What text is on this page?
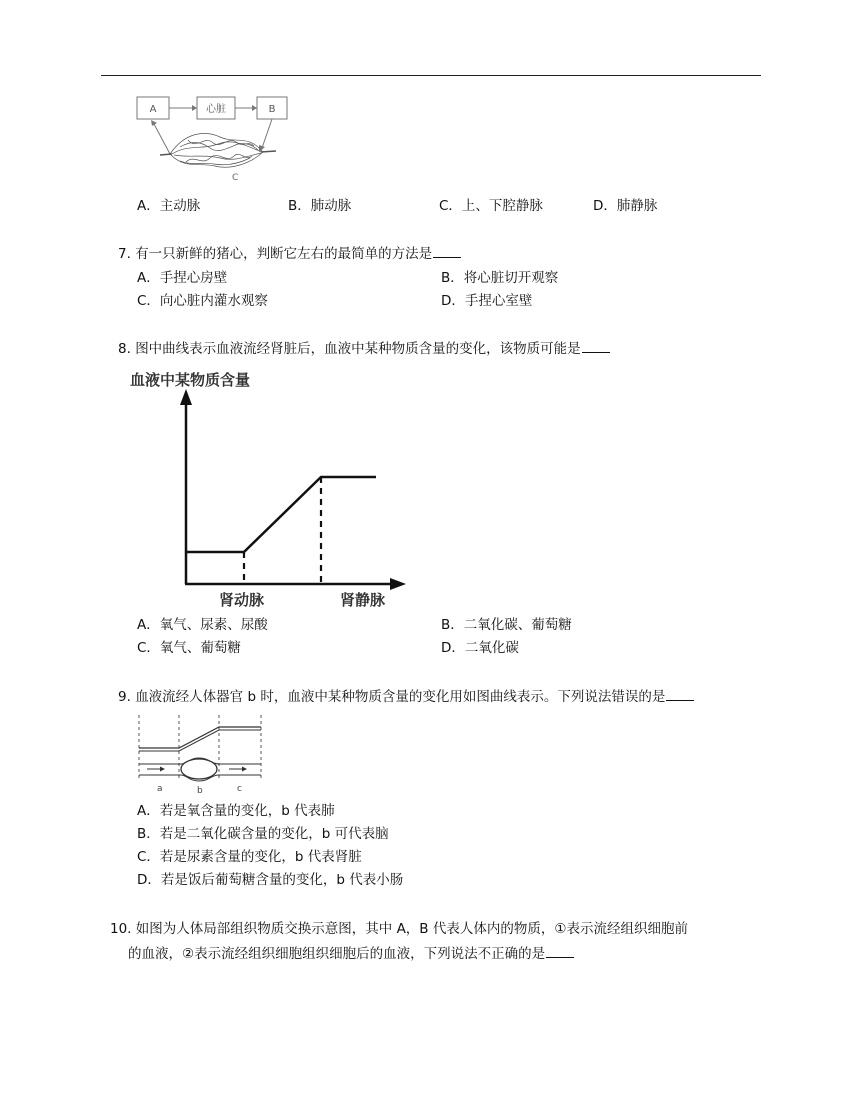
A	心脏	B
C
A．主动脉	B．肺动脉	C．上、下腔静脉	D．肺静脉
7. 有一只新鲜的猪心，判断它左右的最简单的方法是
A．手捏心房壁	B．将心脏切开观察
C．向心脏内灌水观察	D．手捏心室壁
8. 图中曲线表示血液流经肾脏后，血液中某种物质含量的变化，该物质可能是
血液中某物质含量
肾动脉	肾静脉
A．氧气、尿素、尿酸	B．二氧化碳、葡萄糖
C．氧气、葡萄糖	D．二氧化碳
9. 血液流经人体器官 b 时，血液中某种物质含量的变化用如图曲线表示。下列说法错误的是
a	b	c
A．若是氧含量的变化，b 代表肺
B．若是二氧化碳含量的变化，b 可代表脑
C．若是尿素含量的变化，b 代表肾脏
D．若是饭后葡萄糖含量的变化，b 代表小肠
10. 如图为人体局部组织物质交换示意图，其中 A，B 代表人体内的物质，①表示流经组织细胞前
的血液，②表示流经组织细胞组织细胞后的血液，下列说法不正确的是
